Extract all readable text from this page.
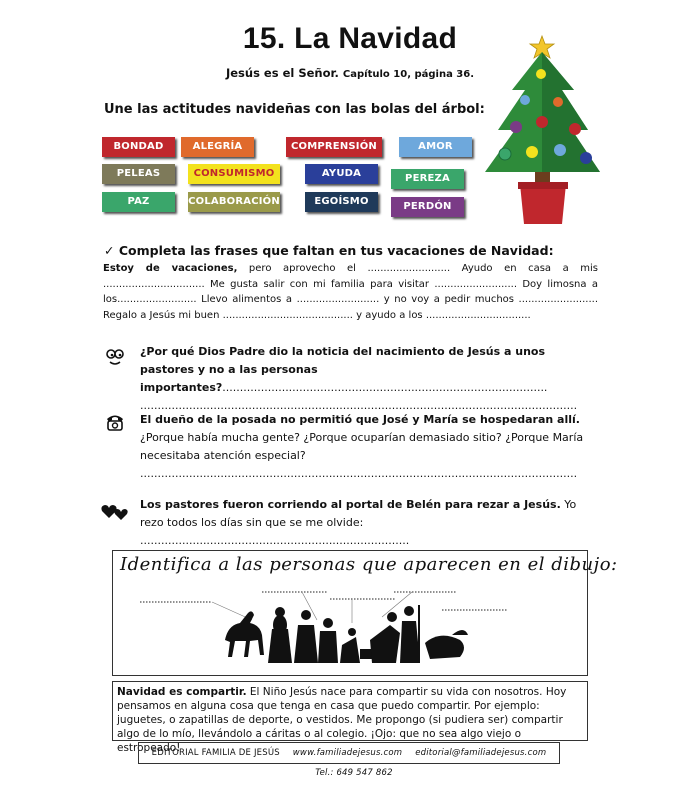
15. La Navidad
Jesús es el Señor. Capítulo 10, página 36.
Une las actitudes navideñas con las bolas del árbol:
BONDAD	ALEGRÍA	COMPRENSIÓN	AMOR
PELEAS	CONSUMISMO	AYUDA	PEREZA
PAZ	COLABORACIÓN	EGOÍSMO	PERDÓN
✓ Completa las frases que faltan en tus vacaciones de Navidad:
Estoy de vacaciones, pero aprovecho el .......................... Ayudo en casa a mis ................................ Me gusta salir con mi familia para visitar .......................... Doy limosna a los......................... Llevo alimentos a .......................... y no voy a pedir muchos ......................... Regalo a Jesús mi buen ......................................... y ayudo a los .................................
¿Por qué Dios Padre dio la noticia del nacimiento de Jesús a unos pastores y no a las personas importantes?.............................................................................................
.............................................................................................................................
El dueño de la posada no permitió que José y María se hospedaran allí. ¿Porque había mucha gente? ¿Porque ocuparían demasiado sitio? ¿Porque María necesitaba atención especial?
.............................................................................................................................
Los pastores fueron corriendo al portal de Belén para rezar a Jesús. Yo rezo todos los días sin que se me olvide: .............................................................................
Identifica a las personas que aparecen en el dibujo:
Navidad es compartir. El Niño Jesús nace para compartir su vida con nosotros. Hoy pensamos en alguna cosa que tenga en casa que puedo compartir. Por ejemplo: juguetes, o zapatillas de deporte, o vestidos. Me propongo (si pudiera ser) compartir algo de lo mío, llevándolo a cáritas o al colegio. ¡Ojo: que no sea algo viejo o estropeado!
EDITORIAL FAMILIA DE JESÚS www.familiadejesus.com editorial@familiadejesus.com Tel.: 649 547 862
